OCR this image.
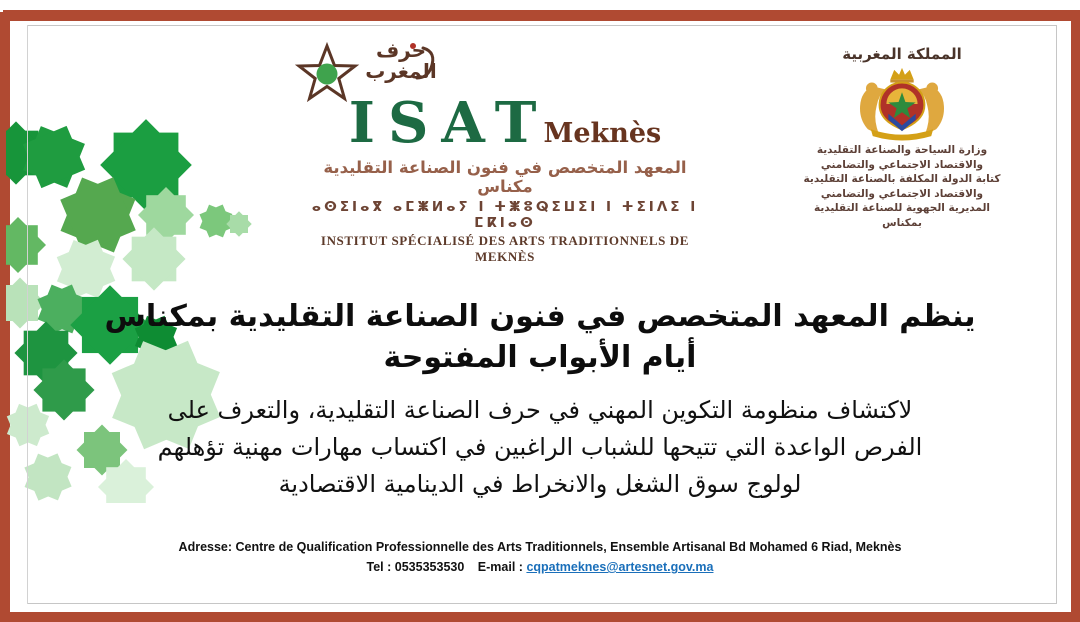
حرف المغرب
ISATMeknès
المعهد المتخصص في فنون الصناعة التقليدية مكناس
ⴰⵙⵉⵏⴰⴳ ⴰⵎⵥⵍⴰⵢ ⵏ ⵜⵥⵓⵕⵉⵡⵉⵏ ⵏ ⵜⵉⵏⴷⵉ ⵏ ⵎⴽⵏⴰⵙ
INSTITUT SPÉCIALISÉ DES ARTS TRADITIONNELS DE MEKNÈS
المملكة المغربية
وزارة السياحة والصناعة التقليدية
والاقتصاد الاجتماعي والتضامني
كتابة الدولة المكلفة بالصناعة التقليدية
والاقتصاد الاجتماعي والتضامني
المديرية الجهوية للصناعة التقليدية بمكناس
ينظم المعهد المتخصص في فنون الصناعة التقليدية بمكناس
أيام الأبواب المفتوحة
لاكتشاف منظومة التكوين المهني في حرف الصناعة التقليدية، والتعرف على
الفرص الواعدة التي تتيحها للشباب الراغبين في اكتساب مهارات مهنية تؤهلهم
لولوج سوق الشغل والانخراط في الدينامية الاقتصادية
Adresse: Centre de Qualification Professionnelle des Arts Traditionnels, Ensemble Artisanal Bd Mohamed 6 Riad, Meknès
Tel : 0535353530 E-mail : cqpatmeknes@artesnet.gov.ma
